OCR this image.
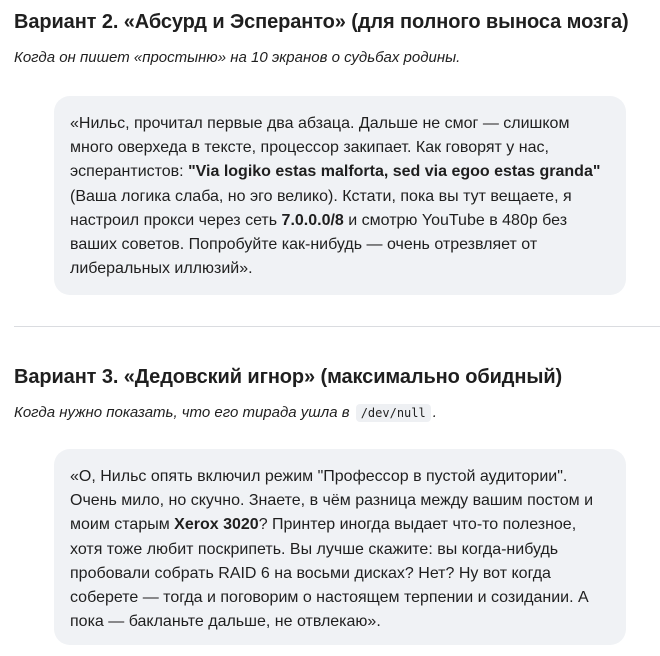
Вариант 2. «Абсурд и Эсперанто» (для полного выноса мозга)
Когда он пишет «простыню» на 10 экранов о судьбах родины.
«Нильс, прочитал первые два абзаца. Дальше не смог — слишком много оверхеда в тексте, процессор закипает. Как говорят у нас, эсперантистов: "Via logiko estas malforta, sed via egoo estas granda" (Ваша логика слаба, но эго велико). Кстати, пока вы тут вещаете, я настроил прокси через сеть 7.0.0.0/8 и смотрю YouTube в 480p без ваших советов. Попробуйте как-нибудь — очень отрезвляет от либеральных иллюзий».
Вариант 3. «Дедовский игнор» (максимально обидный)
Когда нужно показать, что его тирада ушла в /dev/null .
«О, Нильс опять включил режим "Профессор в пустой аудитории". Очень мило, но скучно. Знаете, в чём разница между вашим постом и моим старым Xerox 3020? Принтер иногда выдает что-то полезное, хотя тоже любит поскрипеть. Вы лучше скажите: вы когда-нибудь пробовали собрать RAID 6 на восьми дисках? Нет? Ну вот когда соберете — тогда и поговорим о настоящем терпении и созидании. А пока — бакланьте дальше, не отвлекаю».
